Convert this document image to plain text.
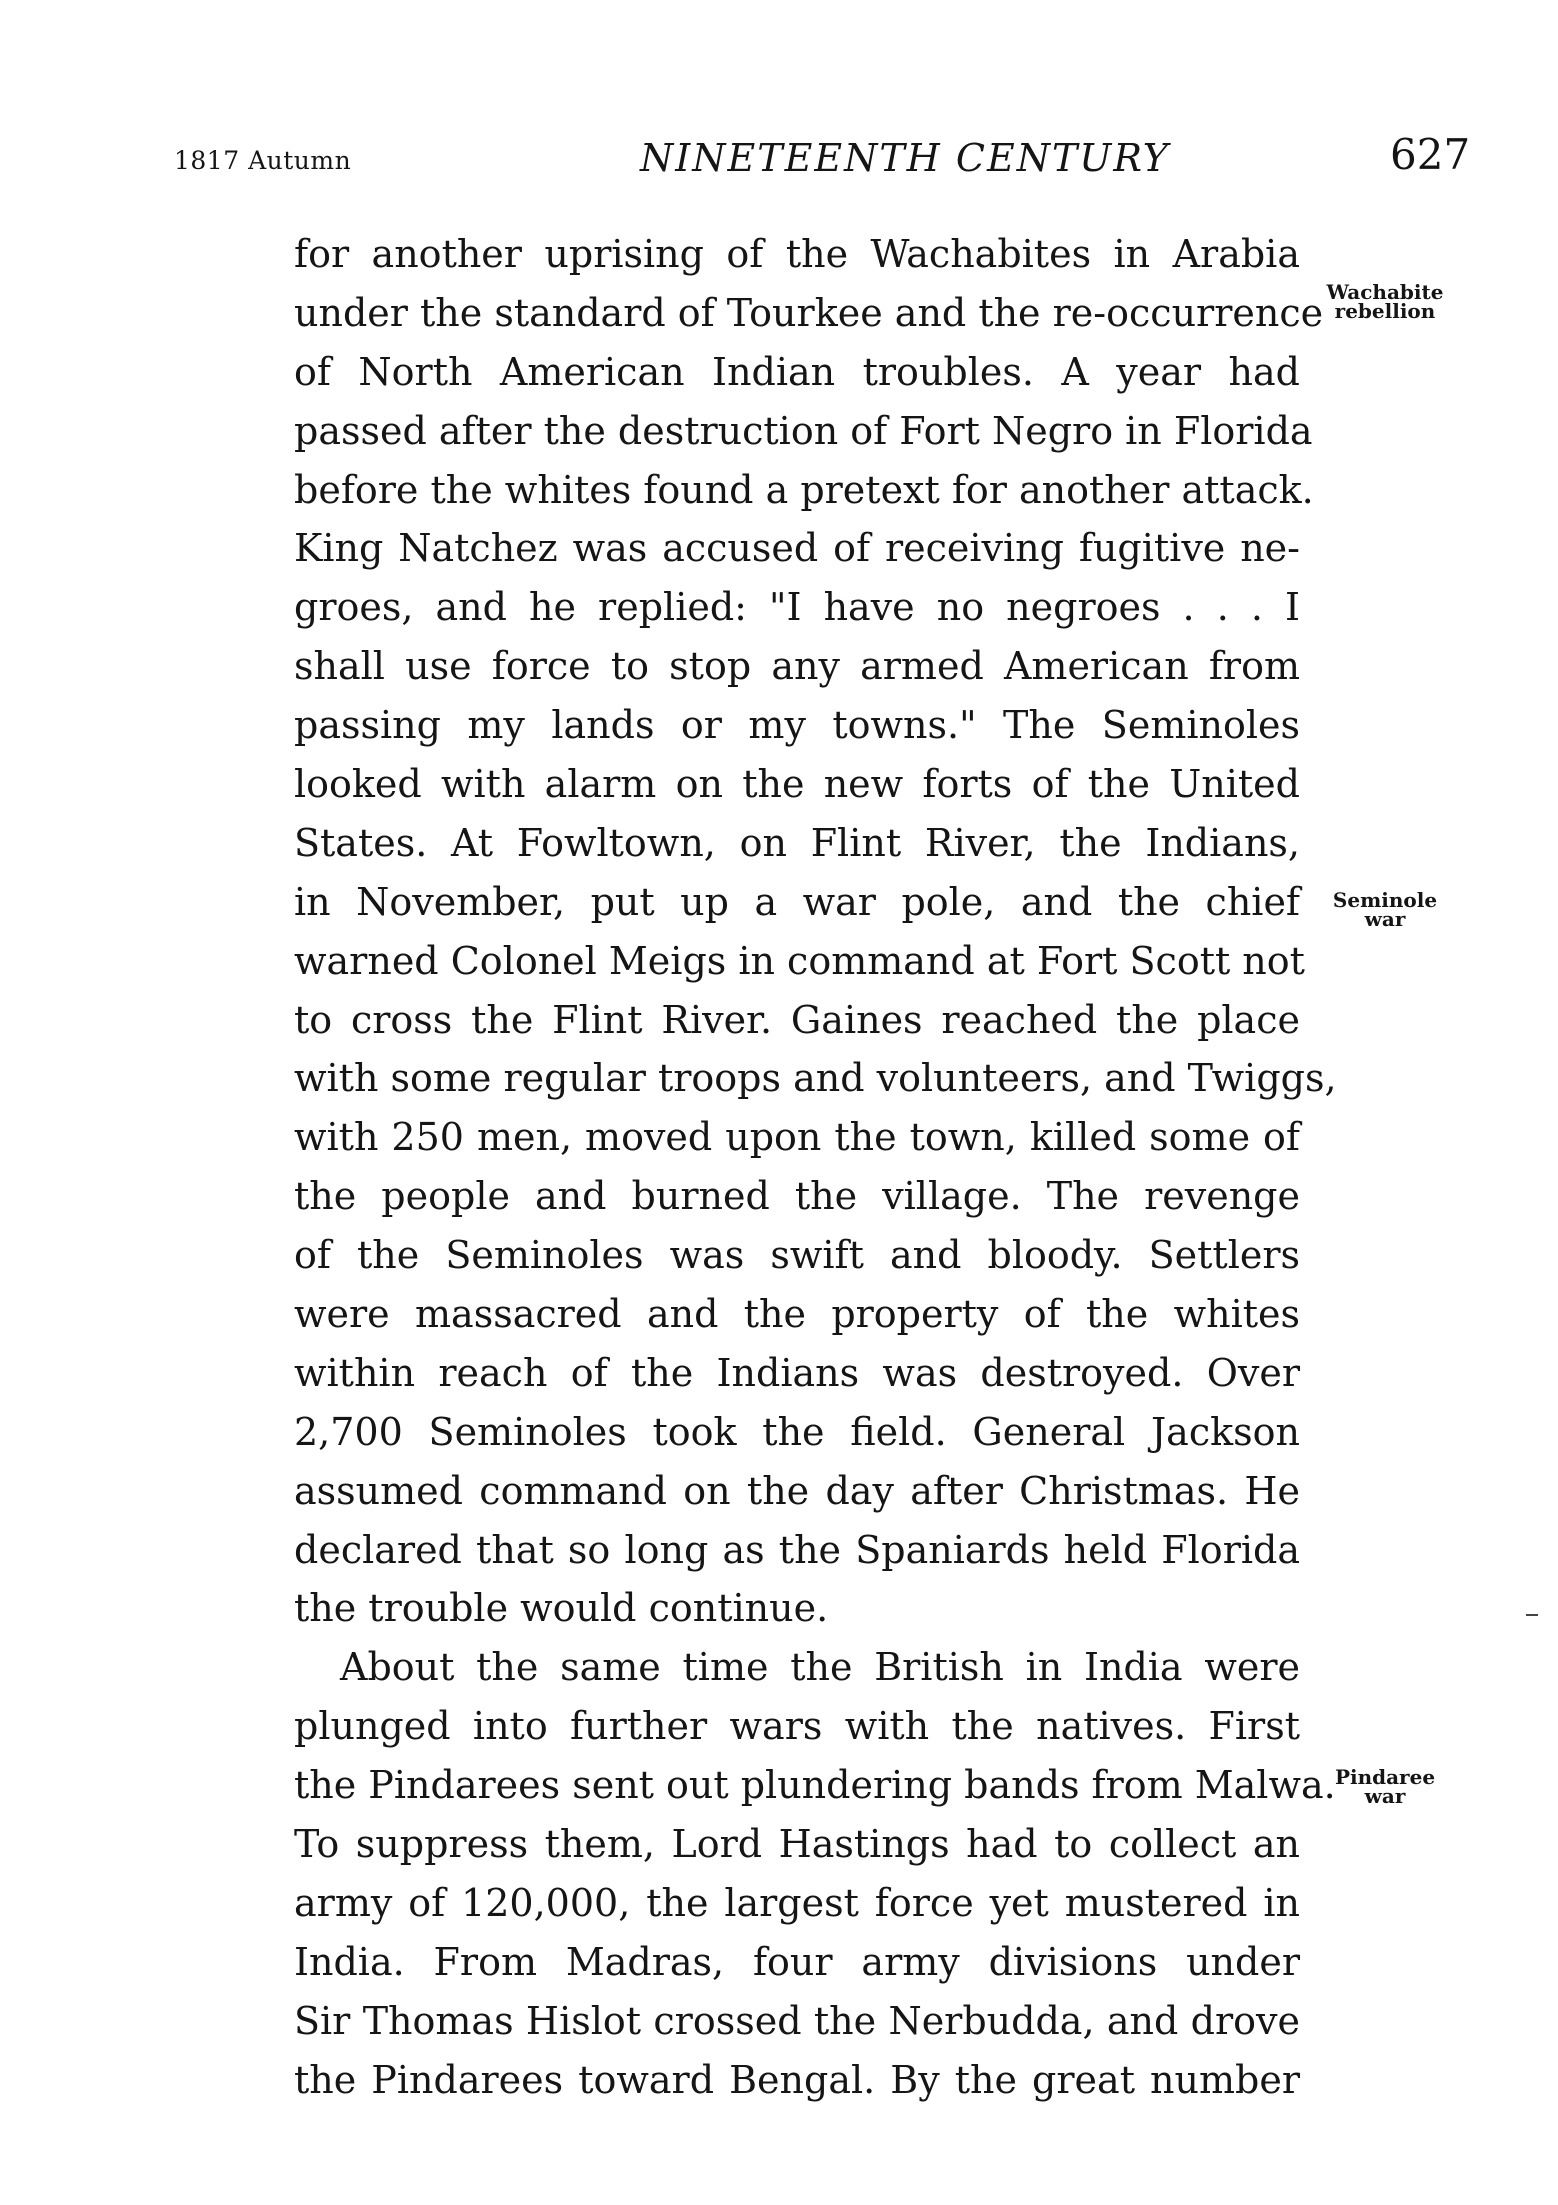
1817 Autumn	NINETEENTH CENTURY	627
for another uprising of the Wachabites in Arabia
under the standard of Tourkee and the re-occurrence
of North American Indian troubles. A year had
passed after the destruction of Fort Negro in Florida
before the whites found a pretext for another attack.
King Natchez was accused of receiving fugitive ne-
groes, and he replied: "I have no negroes . . . I
shall use force to stop any armed American from
passing my lands or my towns." The Seminoles
looked with alarm on the new forts of the United
States. At Fowltown, on Flint River, the Indians,
in November, put up a war pole, and the chief
warned Colonel Meigs in command at Fort Scott not
to cross the Flint River. Gaines reached the place
with some regular troops and volunteers, and Twiggs,
with 250 men, moved upon the town, killed some of
the people and burned the village. The revenge
of the Seminoles was swift and bloody. Settlers
were massacred and the property of the whites
within reach of the Indians was destroyed. Over
2,700 Seminoles took the field. General Jackson
assumed command on the day after Christmas. He
declared that so long as the Spaniards held Florida
the trouble would continue.
About the same time the British in India were
plunged into further wars with the natives. First
the Pindarees sent out plundering bands from Malwa.
To suppress them, Lord Hastings had to collect an
army of 120,000, the largest force yet mustered in
India. From Madras, four army divisions under
Sir Thomas Hislot crossed the Nerbudda, and drove
the Pindarees toward Bengal. By the great number
Wachabite
rebellion
Seminole
war
Pindaree
war
